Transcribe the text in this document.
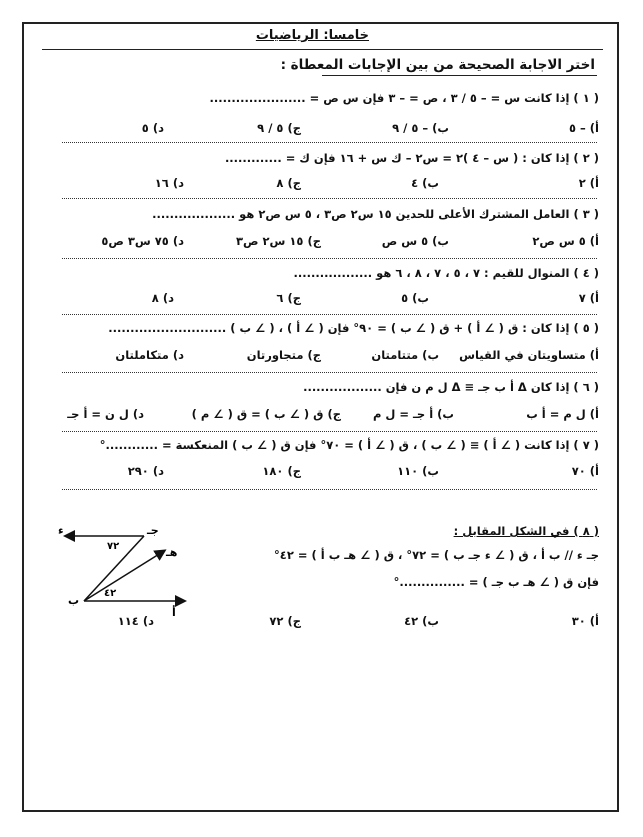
خامسا: الرياضيات
اختر الاجابة الصحيحة من بين الإجابات المعطاة :
( ١ ) إذا كانت س = – ٥ / ٣ ، ص = – ٣ فإن س ص = ......................
أ) – ٥
ب) – ٥ / ٩
ج) ٥ / ٩
د) ٥
( ٢ ) إذا كان : ( س – ٤ )٢ = س٢ – ك س + ١٦ فإن ك = .............
أ) ٢
ب) ٤
ج) ٨
د) ١٦
( ٣ ) العامل المشترك الأعلى للحدين ١٥ س٢ ص٣ ، ٥ س ص٢ هو ...................
أ) ٥ س ص٢
ب) ٥ س ص
ج) ١٥ س٢ ص٣
د) ٧٥ س٣ ص٥
( ٤ ) المنوال للقيم : ٧ ، ٥ ، ٧ ، ٨ ، ٦ هو ..................
أ) ٧
ب) ٥
ج) ٦
د) ٨
( ٥ ) إذا كان : ق ( ∠ أ ) + ق ( ∠ ب ) = ٩٠° فإن ( ∠ أ ) ، ( ∠ ب ) ...........................
أ) متساويتان في القياس
ب) متتامتان
ج) متجاورتان
د) متكاملتان
( ٦ ) إذا كان Δ أ ب جـ ≡ Δ ل م ن فإن ..................
أ) ل م = أ ب
ب) أ جـ = ل م
ج) ق ( ∠ ب ) = ق ( ∠ م )
د) ل ن = أ جـ
( ٧ ) إذا كانت ( ∠ أ ) ≡ ( ∠ ب ) ، ق ( ∠ أ ) = ٧٠° فإن ق ( ∠ ب ) المنعكسة = ............°
أ) ٧٠
ب) ١١٠
ج) ١٨٠
د) ٢٩٠
( ٨ ) في الشكل المقابل :
جـ ء // ب أ ، ق ( ∠ ء جـ ب ) = ٧٢° ، ق ( ∠ هـ ب أ ) = ٤٢°
فإن ق ( ∠ هـ ب جـ ) = ...............°
أ) ٣٠
ب) ٤٢
ج) ٧٢
د) ١١٤
ء	جـ
هـ
ب
أ
٧٢
٤٢
